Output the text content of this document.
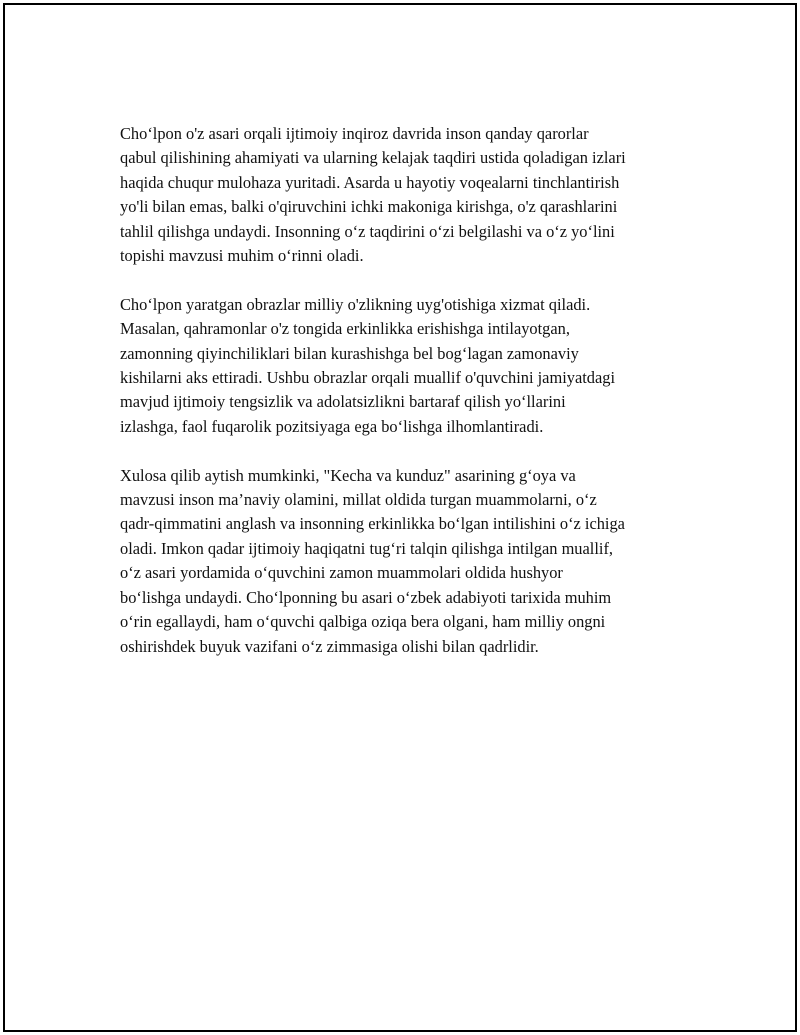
Cho‘lpon o'z asari orqali ijtimoiy inqiroz davrida inson qanday qarorlar
qabul qilishining ahamiyati va ularning kelajak taqdiri ustida qoladigan izlari
haqida chuqur mulohaza yuritadi. Asarda u hayotiy voqealarni tinchlantirish
yo'li bilan emas, balki o'qiruvchini ichki makoniga kirishga, o'z qarashlarini
tahlil qilishga undaydi. Insonning o‘z taqdirini o‘zi belgilashi va o‘z yo‘lini
topishi mavzusi muhim o‘rinni oladi.

Cho‘lpon yaratgan obrazlar milliy o'zlikning uyg'otishiga xizmat qiladi.
Masalan, qahramonlar o'z tongida erkinlikka erishishga intilayotgan,
zamonning qiyinchiliklari bilan kurashishga bel bog‘lagan zamonaviy
kishilarni aks ettiradi. Ushbu obrazlar orqali muallif o'quvchini jamiyatdagi
mavjud ijtimoiy tengsizlik va adolatsizlikni bartaraf qilish yo‘llarini
izlashga, faol fuqarolik pozitsiyaga ega bo‘lishga ilhomlantiradi.

Xulosa qilib aytish mumkinki, "Kecha va kunduz" asarining g‘oya va
mavzusi inson ma’naviy olamini, millat oldida turgan muammolarni, o‘z
qadr-qimmatini anglash va insonning erkinlikka bo‘lgan intilishini o‘z ichiga
oladi. Imkon qadar ijtimoiy haqiqatni tug‘ri talqin qilishga intilgan muallif,
o‘z asari yordamida o‘quvchini zamon muammolari oldida hushyor
bo‘lishga undaydi. Cho‘lponning bu asari o‘zbek adabiyoti tarixida muhim
o‘rin egallaydi, ham o‘quvchi qalbiga oziqa bera olgani, ham milliy ongni
oshirishdek buyuk vazifani o‘z zimmasiga olishi bilan qadrlidir.
